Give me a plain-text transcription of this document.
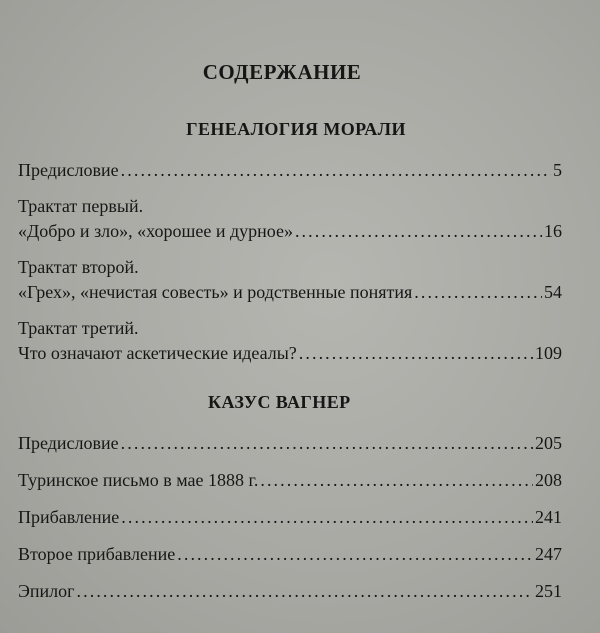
СОДЕРЖАНИЕ
ГЕНЕАЛОГИЯ МОРАЛИ
Предисловие . . .	5
Трактат первый.
«Добро и зло», «хорошее и дурное» . . .	16
Трактат второй.
«Грех», «нечистая совесть» и родственные понятия . . .	54
Трактат третий.
Что означают аскетические идеалы? . . .	109
КАЗУС ВАГНЕР
Предисловие . . .	205
Туринское письмо в мае 1888 г. . . .	208
Прибавление . . .	241
Второе прибавление . . .	247
Эпилог . . .	251
